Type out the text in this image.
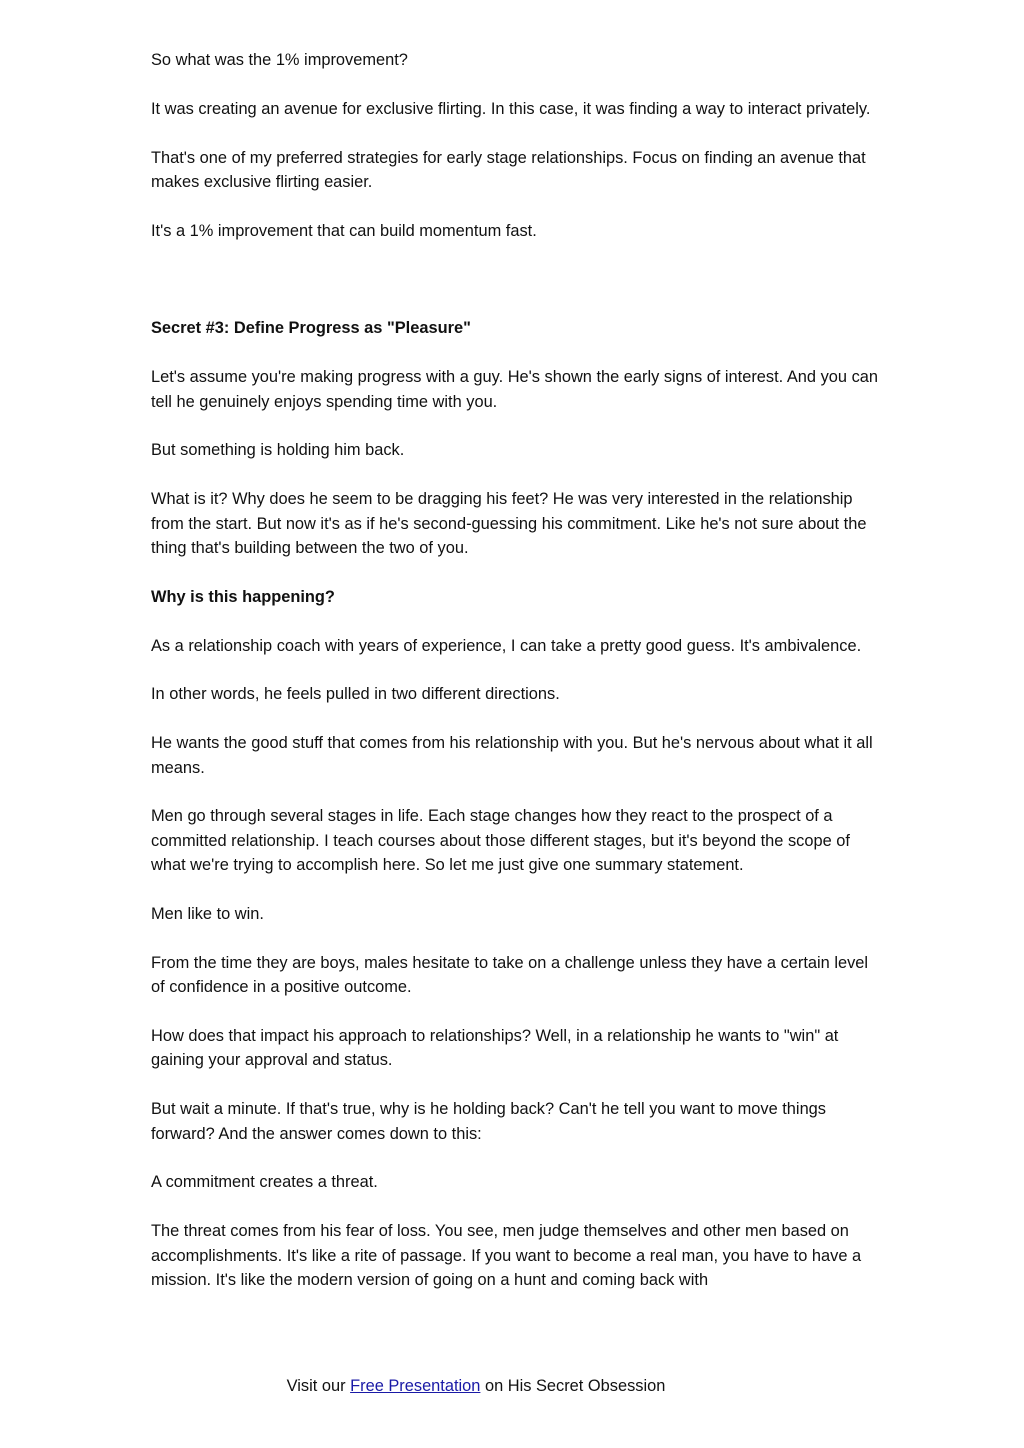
So what was the 1% improvement?

It was creating an avenue for exclusive flirting. In this case, it was finding a way to interact privately.

That's one of my preferred strategies for early stage relationships. Focus on finding an avenue that makes exclusive flirting easier.

It's a 1% improvement that can build momentum fast.

Secret #3: Define Progress as "Pleasure"

Let's assume you're making progress with a guy. He's shown the early signs of interest. And you can tell he genuinely enjoys spending time with you.

But something is holding him back.

What is it? Why does he seem to be dragging his feet? He was very interested in the relationship from the start. But now it's as if he's second-guessing his commitment. Like he's not sure about the thing that's building between the two of you.

Why is this happening?

As a relationship coach with years of experience, I can take a pretty good guess. It's ambivalence.

In other words, he feels pulled in two different directions.

He wants the good stuff that comes from his relationship with you. But he's nervous about what it all means.

Men go through several stages in life. Each stage changes how they react to the prospect of a committed relationship. I teach courses about those different stages, but it's beyond the scope of what we're trying to accomplish here. So let me just give one summary statement.

Men like to win.

From the time they are boys, males hesitate to take on a challenge unless they have a certain level of confidence in a positive outcome.

How does that impact his approach to relationships? Well, in a relationship he wants to "win" at gaining your approval and status.

But wait a minute. If that's true, why is he holding back? Can't he tell you want to move things forward? And the answer comes down to this:

A commitment creates a threat.

The threat comes from his fear of loss. You see, men judge themselves and other men based on accomplishments. It's like a rite of passage. If you want to become a real man, you have to have a mission. It's like the modern version of going on a hunt and coming back with

Visit our Free Presentation on His Secret Obsession
